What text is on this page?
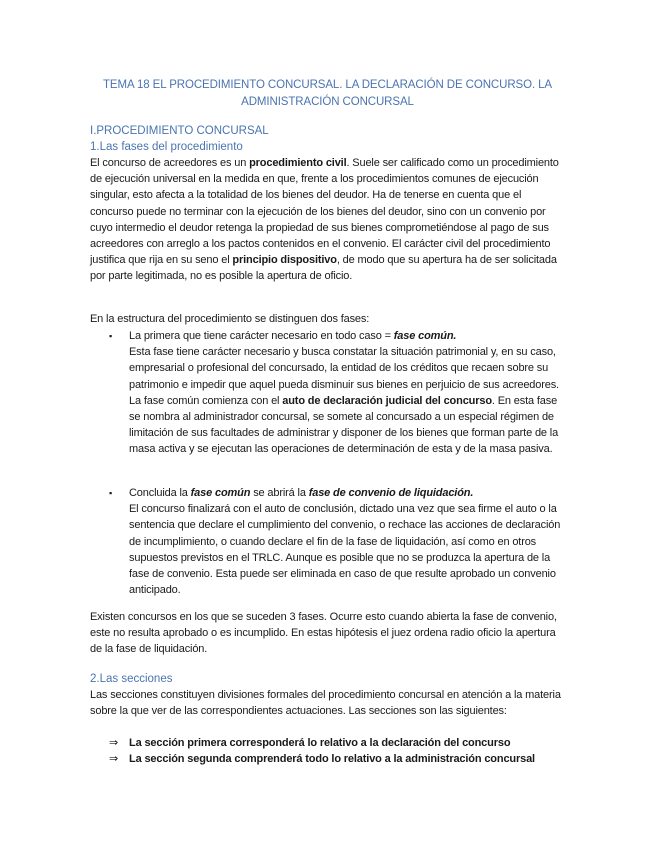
TEMA 18 EL PROCEDIMIENTO CONCURSAL. LA DECLARACIÓN DE CONCURSO. LA
ADMINISTRACIÓN CONCURSAL
I.PROCEDIMIENTO CONCURSAL
1.Las fases del procedimiento
El concurso de acreedores es un procedimiento civil. Suele ser calificado como un procedimiento de ejecución universal en la medida en que, frente a los procedimientos comunes de ejecución singular, esto afecta a la totalidad de los bienes del deudor. Ha de tenerse en cuenta que el concurso puede no terminar con la ejecución de los bienes del deudor, sino con un convenio por cuyo intermedio el deudor retenga la propiedad de sus bienes comprometiéndose al pago de sus acreedores con arreglo a los pactos contenidos en el convenio. El carácter civil del procedimiento justifica que rija en su seno el principio dispositivo, de modo que su apertura ha de ser solicitada por parte legitimada, no es posible la apertura de oficio.
En la estructura del procedimiento se distinguen dos fases:
▪ La primera que tiene carácter necesario en todo caso = fase común.
Esta fase tiene carácter necesario y busca constatar la situación patrimonial y, en su caso, empresarial o profesional del concursado, la entidad de los créditos que recaen sobre su patrimonio e impedir que aquel pueda disminuir sus bienes en perjuicio de sus acreedores. La fase común comienza con el auto de declaración judicial del concurso. En esta fase se nombra al administrador concursal, se somete al concursado a un especial régimen de limitación de sus facultades de administrar y disponer de los bienes que forman parte de la masa activa y se ejecutan las operaciones de determinación de esta y de la masa pasiva.
▪ Concluida la fase común se abrirá la fase de convenio de liquidación.
El concurso finalizará con el auto de conclusión, dictado una vez que sea firme el auto o la sentencia que declare el cumplimiento del convenio, o rechace las acciones de declaración de incumplimiento, o cuando declare el fin de la fase de liquidación, así como en otros supuestos previstos en el TRLC. Aunque es posible que no se produzca la apertura de la fase de convenio. Esta puede ser eliminada en caso de que resulte aprobado un convenio anticipado.
Existen concursos en los que se suceden 3 fases. Ocurre esto cuando abierta la fase de convenio, este no resulta aprobado o es incumplido. En estas hipótesis el juez ordena radio oficio la apertura de la fase de liquidación.
2.Las secciones
Las secciones constituyen divisiones formales del procedimiento concursal en atención a la materia sobre la que ver de las correspondientes actuaciones. Las secciones son las siguientes:
⇒ La sección primera corresponderá lo relativo a la declaración del concurso
⇒ La sección segunda comprenderá todo lo relativo a la administración concursal
